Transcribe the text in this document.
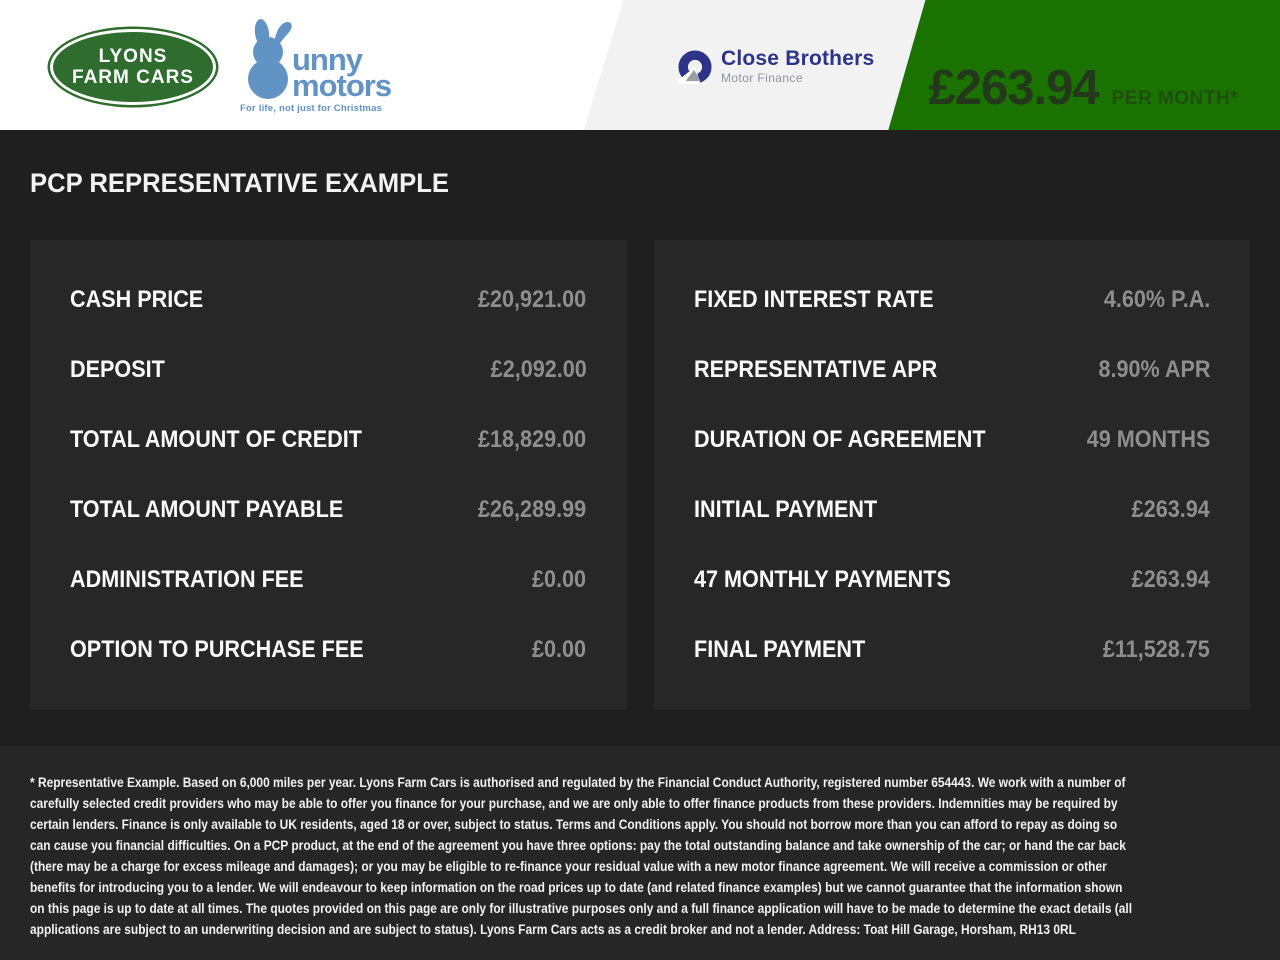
LYONS
FARM CARS
unny
motors
For life, not just for Christmas
Close Brothers
Motor Finance	£263.94 PER MONTH*
PCP REPRESENTATIVE EXAMPLE
CASH PRICE	£20,921.00
DEPOSIT	£2,092.00
TOTAL AMOUNT OF CREDIT	£18,829.00
TOTAL AMOUNT PAYABLE	£26,289.99
ADMINISTRATION FEE	£0.00
OPTION TO PURCHASE FEE	£0.00
FIXED INTEREST RATE	4.60% P.A.
REPRESENTATIVE APR	8.90% APR
DURATION OF AGREEMENT	49 MONTHS
INITIAL PAYMENT	£263.94
47 MONTHLY PAYMENTS	£263.94
FINAL PAYMENT	£11,528.75

* Representative Example. Based on 6,000 miles per year. Lyons Farm Cars is authorised and regulated by the Financial Conduct Authority, registered number 654443. We work with a number of carefully selected credit providers who may be able to offer you finance for your purchase, and we are only able to offer finance products from these providers. Indemnities may be required by certain lenders. Finance is only available to UK residents, aged 18 or over, subject to status. Terms and Conditions apply. You should not borrow more than you can afford to repay as doing so can cause you financial difficulties. On a PCP product, at the end of the agreement you have three options: pay the total outstanding balance and take ownership of the car; or hand the car back (there may be a charge for excess mileage and damages); or you may be eligible to re-finance your residual value with a new motor finance agreement. We will receive a commission or other benefits for introducing you to a lender. We will endeavour to keep information on the road prices up to date (and related finance examples) but we cannot guarantee that the information shown on this page is up to date at all times. The quotes provided on this page are only for illustrative purposes only and a full finance application will have to be made to determine the exact details (all applications are subject to an underwriting decision and are subject to status). Lyons Farm Cars acts as a credit broker and not a lender. Address: Toat Hill Garage, Horsham, RH13 0RL
